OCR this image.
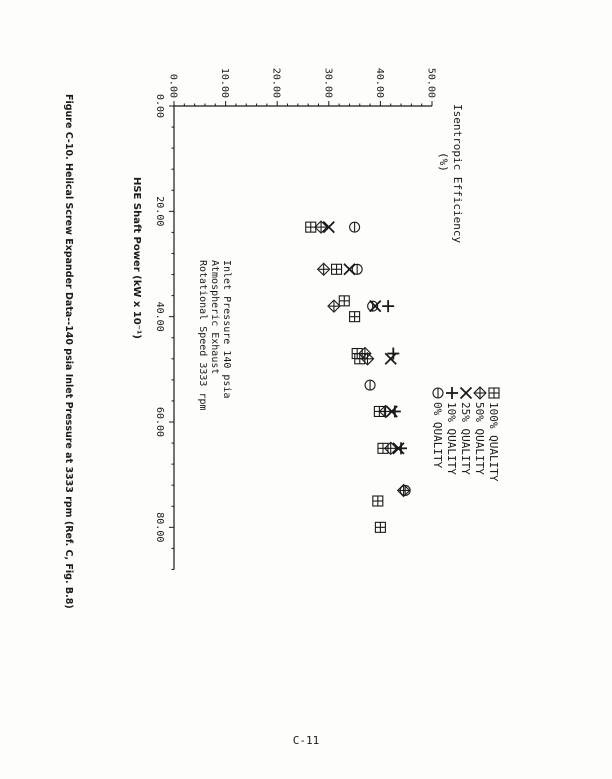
0.00	10.00	20.00	30.00	40.00	50.00
0.00
20.00
40.00
60.00
80.00
100% QUALITY
50% QUALITY
25% QUALITY
10% QUALITY
0% QUALITY
Isentropic Efficiency
(%)
HSE Shaft Power (kW x 10⁻¹)	Inlet Pressure 140 psia
Atmospheric Exhaust
Rotational Speed 3333 rpm
Figure C-10. Helical Screw Expander Data--140 psia Inlet Pressure at 3333 rpm (Ref. C, Fig. B.8)
C-11
